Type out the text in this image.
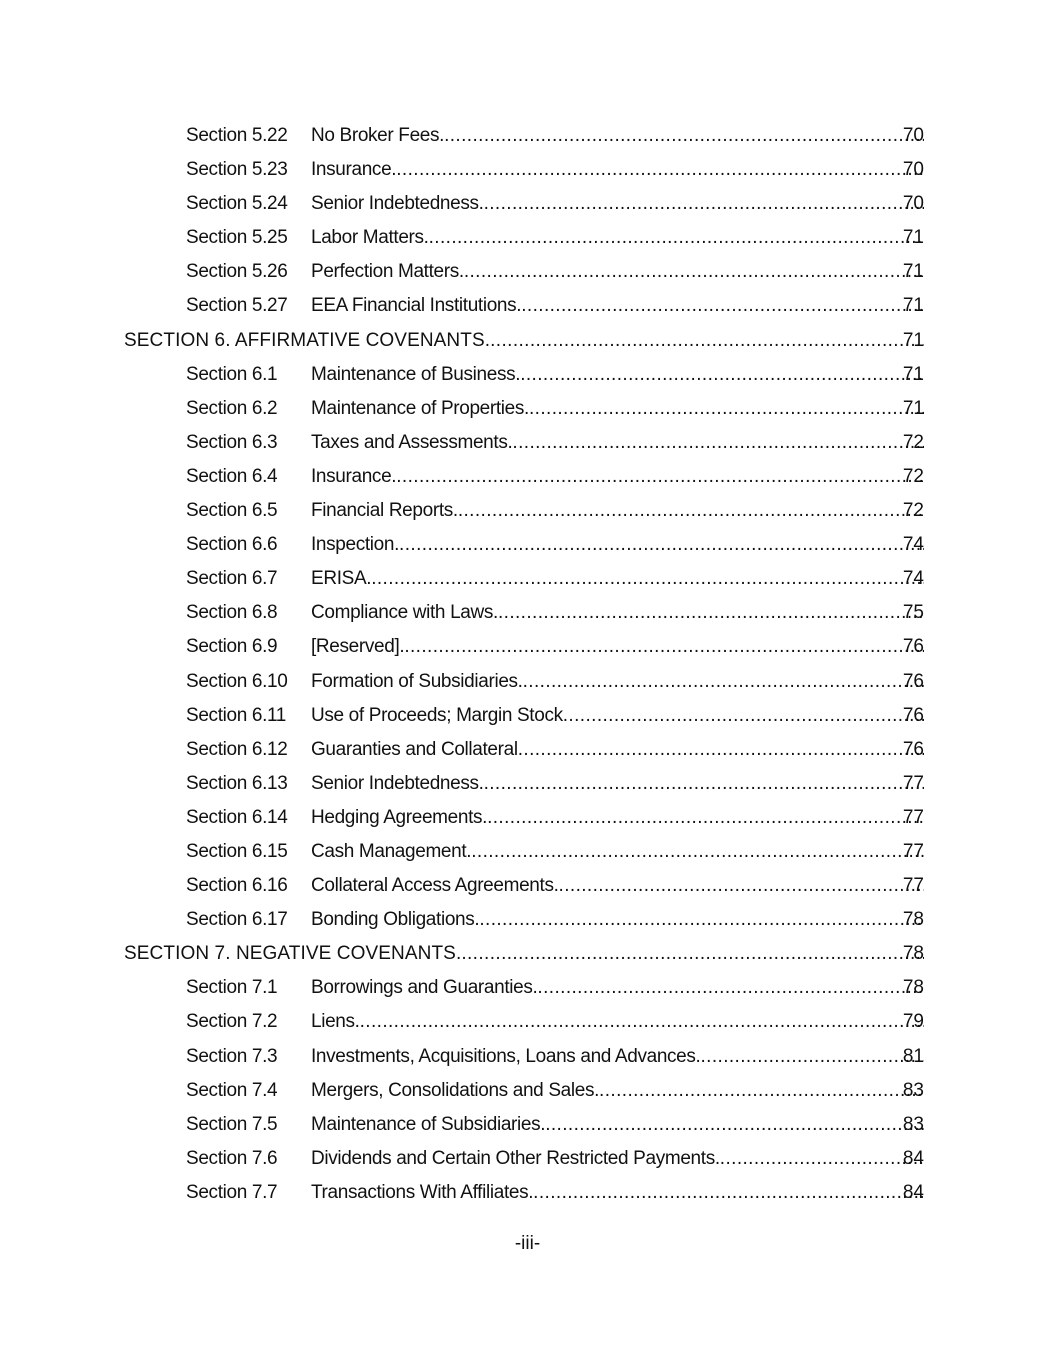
Section 5.22 No Broker Fees. .....	70
Section 5.23 Insurance. .....	70
Section 5.24 Senior Indebtedness. .....	70
Section 5.25 Labor Matters. .....	71
Section 5.26 Perfection Matters. .....	71
Section 5.27 EEA Financial Institutions. .....	71
SECTION 6. AFFIRMATIVE COVENANTS. .....	71
Section 6.1 Maintenance of Business. .....	71
Section 6.2 Maintenance of Properties. .....	71
Section 6.3 Taxes and Assessments. .....	72
Section 6.4 Insurance. .....	72
Section 6.5 Financial Reports. .....	72
Section 6.6 Inspection. .....	74
Section 6.7 ERISA. .....	74
Section 6.8 Compliance with Laws. .....	75
Section 6.9 [Reserved]. .....	76
Section 6.10 Formation of Subsidiaries. .....	76
Section 6.11 Use of Proceeds; Margin Stock .....	76
Section 6.12 Guaranties and Collateral .....	76
Section 6.13 Senior Indebtedness. .....	77
Section 6.14 Hedging Agreements. .....	77
Section 6.15 Cash Management. .....	77
Section 6.16 Collateral Access Agreements. .....	77
Section 6.17 Bonding Obligations. .....	78
SECTION 7. NEGATIVE COVENANTS. .....	78
Section 7.1 Borrowings and Guaranties. .....	78
Section 7.2 Liens. .....	79
Section 7.3 Investments, Acquisitions, Loans and Advances. .....	81
Section 7.4 Mergers, Consolidations and Sales. .....	83
Section 7.5 Maintenance of Subsidiaries. .....	83
Section 7.6 Dividends and Certain Other Restricted Payments. .....	84
Section 7.7 Transactions With Affiliates. .....	84
-iii-
